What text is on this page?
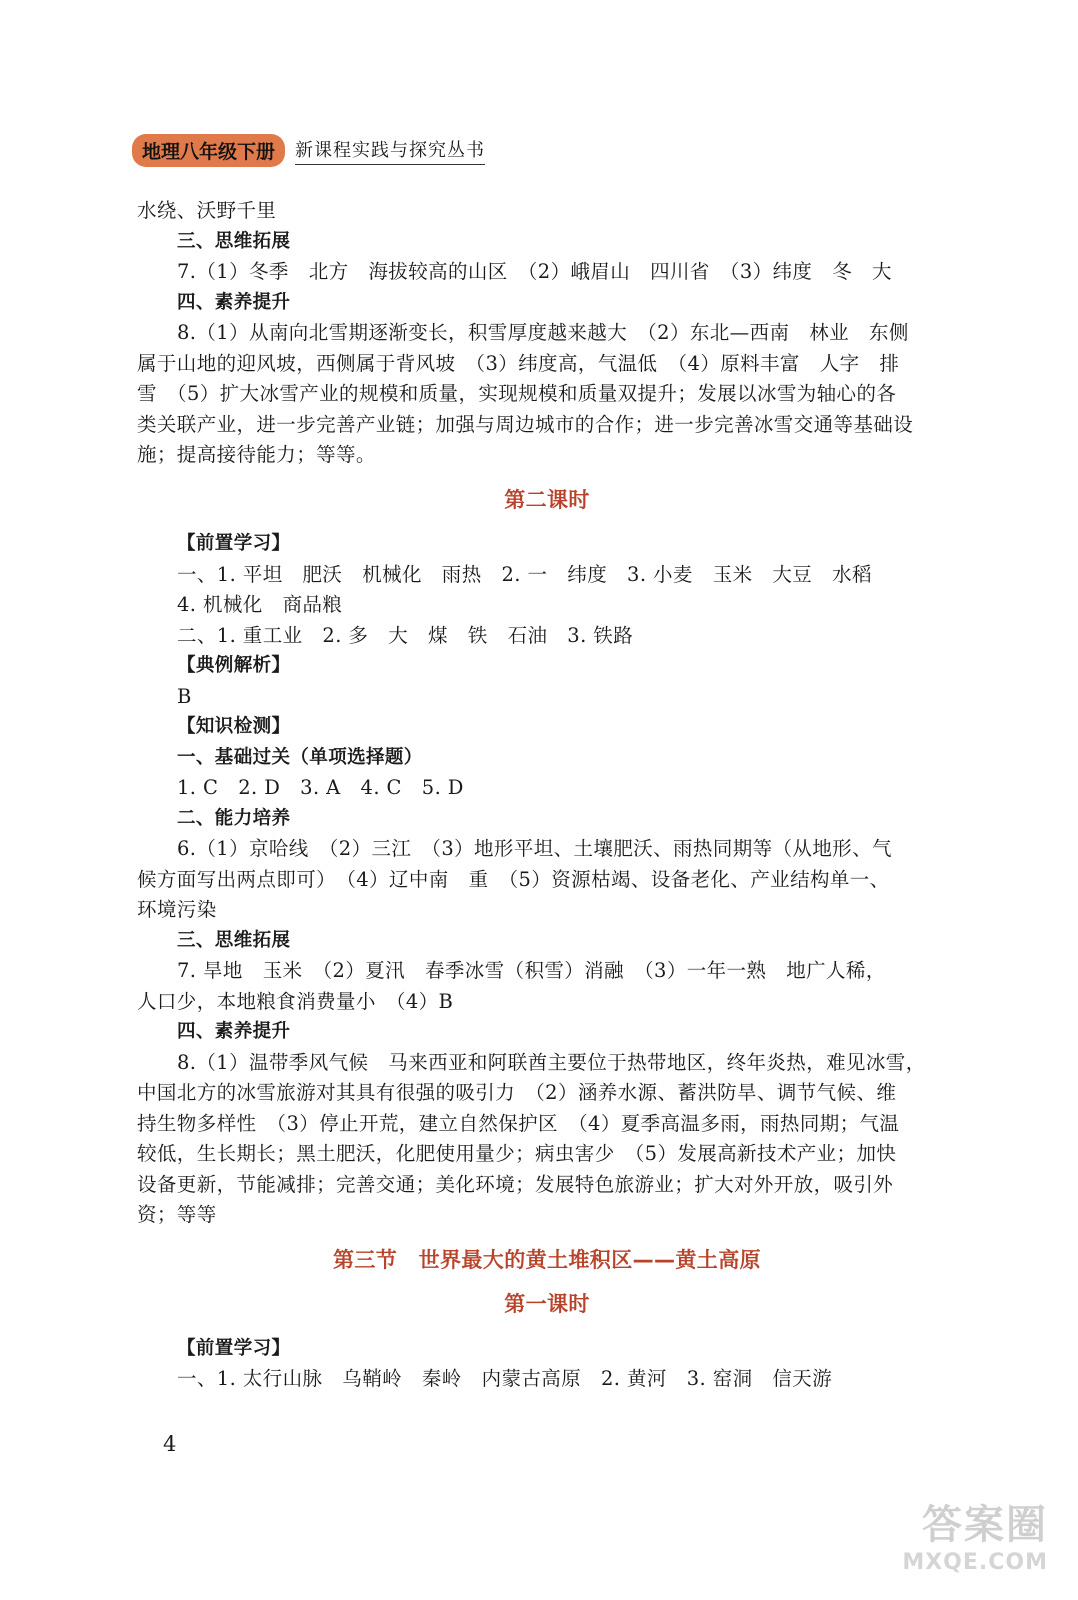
地理八年级下册	新课程实践与探究丛书
水绕、沃野千里
三、思维拓展
7.（1）冬季　北方　海拔较高的山区　（2）峨眉山　四川省　（3）纬度　冬　大
四、素养提升
8.（1）从南向北雪期逐渐变长，积雪厚度越来越大　（2）东北—西南　林业　东侧
属于山地的迎风坡，西侧属于背风坡　（3）纬度高，气温低　（4）原料丰富　人字　排
雪　（5）扩大冰雪产业的规模和质量，实现规模和质量双提升；发展以冰雪为轴心的各
类关联产业，进一步完善产业链；加强与周边城市的合作；进一步完善冰雪交通等基础设
施；提高接待能力；等等。
第二课时
【前置学习】
一、1. 平坦　肥沃　机械化　雨热　2. 一　纬度　3. 小麦　玉米　大豆　水稻
4. 机械化　商品粮
二、1. 重工业　2. 多　大　煤　铁　石油　3. 铁路
【典例解析】
B
【知识检测】
一、基础过关（单项选择题）
1. C　2. D　3. A　4. C　5. D
二、能力培养
6.（1）京哈线　（2）三江　（3）地形平坦、土壤肥沃、雨热同期等（从地形、气
候方面写出两点即可）　（4）辽中南　重　（5）资源枯竭、设备老化、产业结构单一、
环境污染
三、思维拓展
7. 旱地　玉米　（2）夏汛　春季冰雪（积雪）消融　（3）一年一熟　地广人稀，
人口少，本地粮食消费量小　（4）B
四、素养提升
8.（1）温带季风气候　马来西亚和阿联酋主要位于热带地区，终年炎热，难见冰雪，
中国北方的冰雪旅游对其具有很强的吸引力　（2）涵养水源、蓄洪防旱、调节气候、维
持生物多样性　（3）停止开荒，建立自然保护区　（4）夏季高温多雨，雨热同期；气温
较低，生长期长；黑土肥沃，化肥使用量少；病虫害少　（5）发展高新技术产业；加快
设备更新，节能减排；完善交通；美化环境；发展特色旅游业；扩大对外开放，吸引外
资；等等
第三节　世界最大的黄土堆积区——黄土高原
第一课时
【前置学习】
一、1. 太行山脉　乌鞘岭　秦岭　内蒙古高原　2. 黄河　3. 窑洞　信天游
4
答案圈
MXQE.COM
